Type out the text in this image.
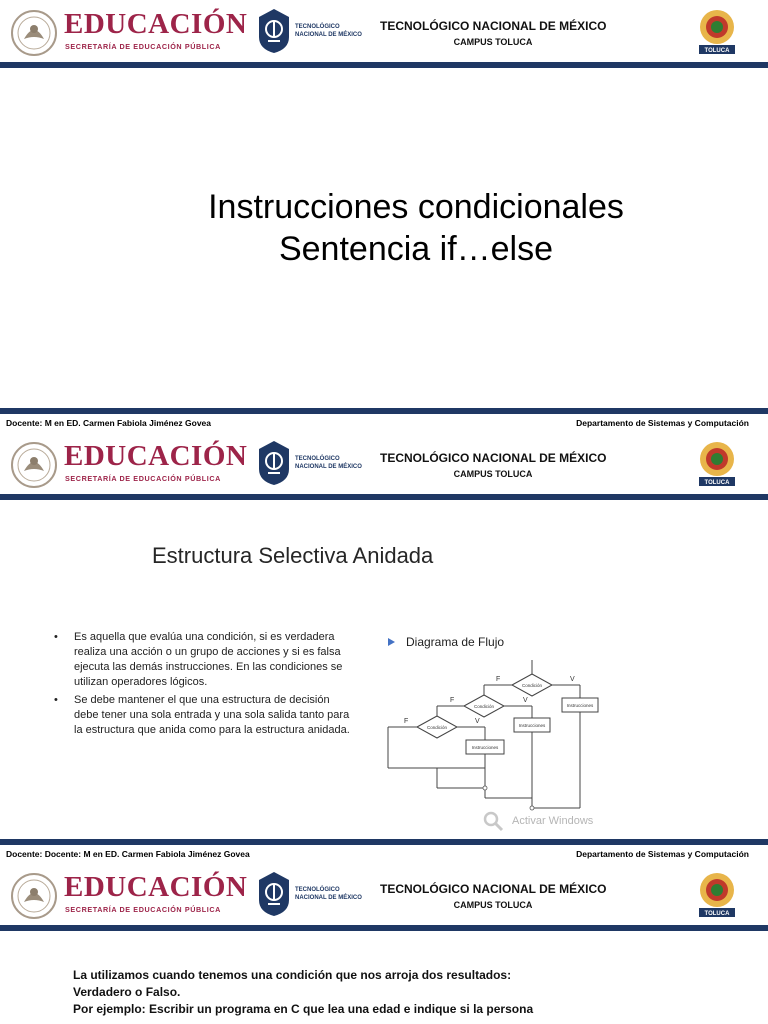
EDUCACIÓN
SECRETARÍA DE EDUCACIÓN PÚBLICA
TECNOLÓGICO
NACIONAL DE MÉXICO
TECNOLÓGICO NACIONAL DE MÉXICO
CAMPUS TOLUCA
TOLUCA
Instrucciones condicionales
Sentencia if…else
Docente: M en ED. Carmen Fabiola Jiménez Govea	Departamento de Sistemas y Computación
EDUCACIÓN
SECRETARÍA DE EDUCACIÓN PÚBLICA
TECNOLÓGICO
NACIONAL DE MÉXICO
TECNOLÓGICO NACIONAL DE MÉXICO
CAMPUS TOLUCA
TOLUCA
Estructura Selectiva Anidada
• Es aquella que evalúa una condición, si es verdadera realiza una acción o un grupo de acciones y si es falsa ejecuta las demás instrucciones. En las condiciones se utilizan operadores lógicos.
• Se debe mantener el que una estructura de decisión debe tener una sola entrada y una sola salida tanto para la estructura que anida como para la estructura anidada.
Diagrama de Flujo
Condición
Condición
Condición
Instrucciones
Instrucciones
Instrucciones
F	V
F	V
F	V
Activar Windows
Docente: Docente: M en ED. Carmen Fabiola Jiménez Govea	Departamento de Sistemas y Computación
EDUCACIÓN
SECRETARÍA DE EDUCACIÓN PÚBLICA
TECNOLÓGICO
NACIONAL DE MÉXICO
TECNOLÓGICO NACIONAL DE MÉXICO
CAMPUS TOLUCA
TOLUCA
La utilizamos cuando tenemos una condición que nos arroja dos resultados:
Verdadero o Falso.
Por ejemplo: Escribir un programa en C que lea una edad e indique si la persona
